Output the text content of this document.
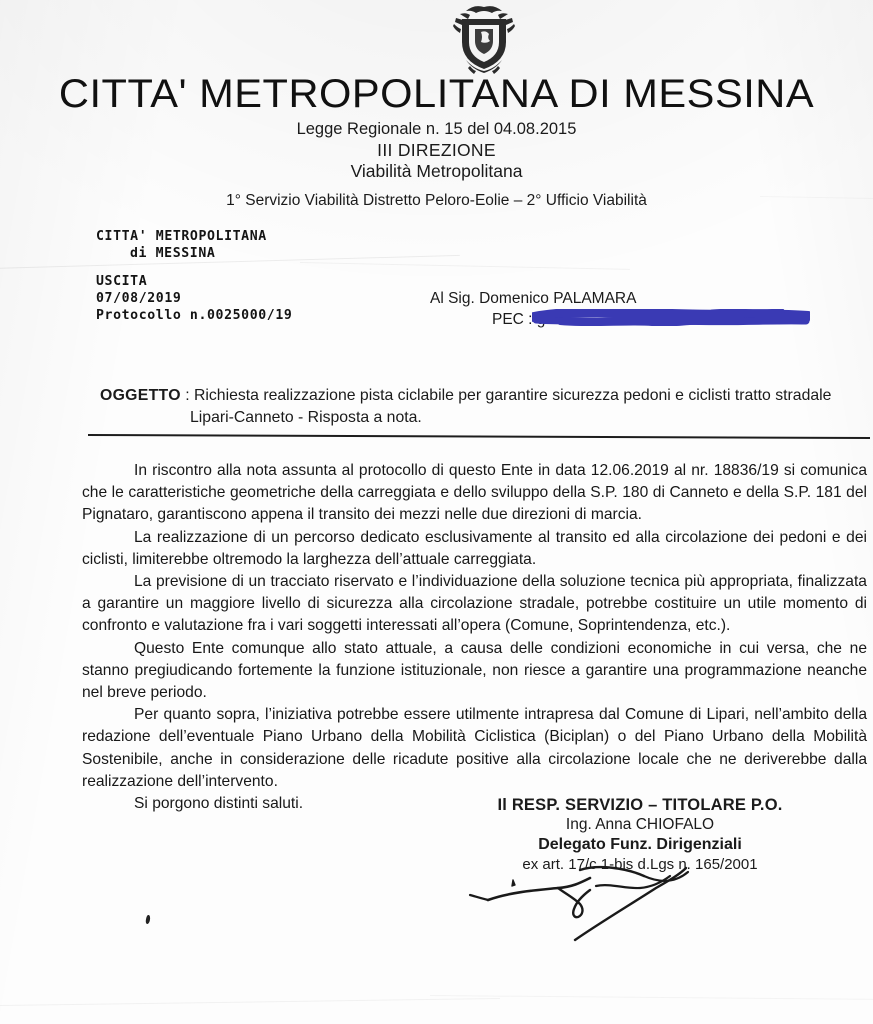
CITTA' METROPOLITANA DI MESSINA
Legge Regionale n. 15 del 04.08.2015
III DIREZIONE
Viabilità Metropolitana
1° Servizio Viabilità Distretto Peloro-Eolie – 2° Ufficio Viabilità
CITTA' METROPOLITANA
di MESSINA
USCITA
07/08/2019
Protocollo n.0025000/19
Al Sig. Domenico PALAMARA
PEC : g
OGGETTO : Richiesta realizzazione pista ciclabile per garantire sicurezza pedoni e ciclisti tratto stradale
Lipari-Canneto - Risposta a nota.

In riscontro alla nota assunta al protocollo di questo Ente in data 12.06.2019 al nr. 18836/19 si comunica che le caratteristiche geometriche della carreggiata e dello sviluppo della S.P. 180 di Canneto e della S.P. 181 del Pignataro, garantiscono appena il transito dei mezzi nelle due direzioni di marcia.

La realizzazione di un percorso dedicato esclusivamente al transito ed alla circolazione dei pedoni e dei ciclisti, limiterebbe oltremodo la larghezza dell’attuale carreggiata.

La previsione di un tracciato riservato e l’individuazione della soluzione tecnica più appropriata, finalizzata a garantire un maggiore livello di sicurezza alla circolazione stradale, potrebbe costituire un utile momento di confronto e valutazione fra i vari soggetti interessati all’opera (Comune, Soprintendenza, etc.).

Questo Ente comunque allo stato attuale, a causa delle condizioni economiche in cui versa, che ne stanno pregiudicando fortemente la funzione istituzionale, non riesce a garantire una programmazione neanche nel breve periodo.

Per quanto sopra, l’iniziativa potrebbe essere utilmente intrapresa dal Comune di Lipari, nell’ambito della redazione dell’eventuale Piano Urbano della Mobilità Ciclistica (Biciplan) o del Piano Urbano della Mobilità Sostenibile, anche in considerazione delle ricadute positive alla circolazione locale che ne deriverebbe dalla realizzazione dell’intervento.

Si porgono distinti saluti.	Il RESP. SERVIZIO – TITOLARE P.O.
Ing. Anna CHIOFALO
Delegato Funz. Dirigenziali
ex art. 17/c 1-bis d.Lgs n. 165/2001
